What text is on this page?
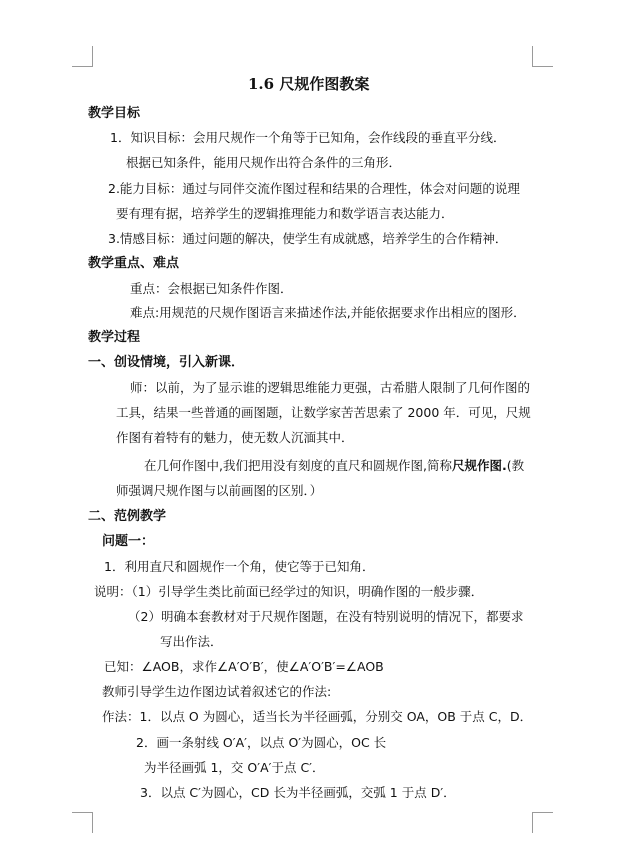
1.6 尺规作图教案
教学目标
1．知识目标：会用尺规作一个角等于已知角，会作线段的垂直平分线．
根据已知条件，能用尺规作出符合条件的三角形．
2.能力目标：通过与同伴交流作图过程和结果的合理性，体会对问题的说理
要有理有据，培养学生的逻辑推理能力和数学语言表达能力．
3.情感目标：通过问题的解决，使学生有成就感，培养学生的合作精神．
教学重点、难点
重点：会根据已知条件作图．
难点:用规范的尺规作图语言来描述作法,并能依据要求作出相应的图形．
教学过程
一、创设情境，引入新课．
师：以前，为了显示谁的逻辑思维能力更强，古希腊人限制了几何作图的
工具，结果一些普通的画图题，让数学家苦苦思索了 2000 年．可见，尺规
作图有着特有的魅力，使无数人沉湎其中．
在几何作图中,我们把用没有刻度的直尺和圆规作图,简称尺规作图.(教
师强调尺规作图与以前画图的区别．）
二、范例教学
问题一：
1．利用直尺和圆规作一个角，使它等于已知角．
说明：（1）引导学生类比前面已经学过的知识，明确作图的一般步骤．
（2）明确本套教材对于尺规作图题，在没有特别说明的情况下，都要求
写出作法．
已知：∠AOB，求作∠A′O′B′，使∠A′O′B′=∠AOB
教师引导学生边作图边试着叙述它的作法:
作法：1．以点 O 为圆心，适当长为半径画弧，分别交 OA，OB 于点 C，D．
2．画一条射线 O′A′，以点 O′为圆心，OC 长
为半径画弧 1，交 O′A′于点 C′．
3．以点 C′为圆心，CD 长为半径画弧，交弧 1 于点 D′．
